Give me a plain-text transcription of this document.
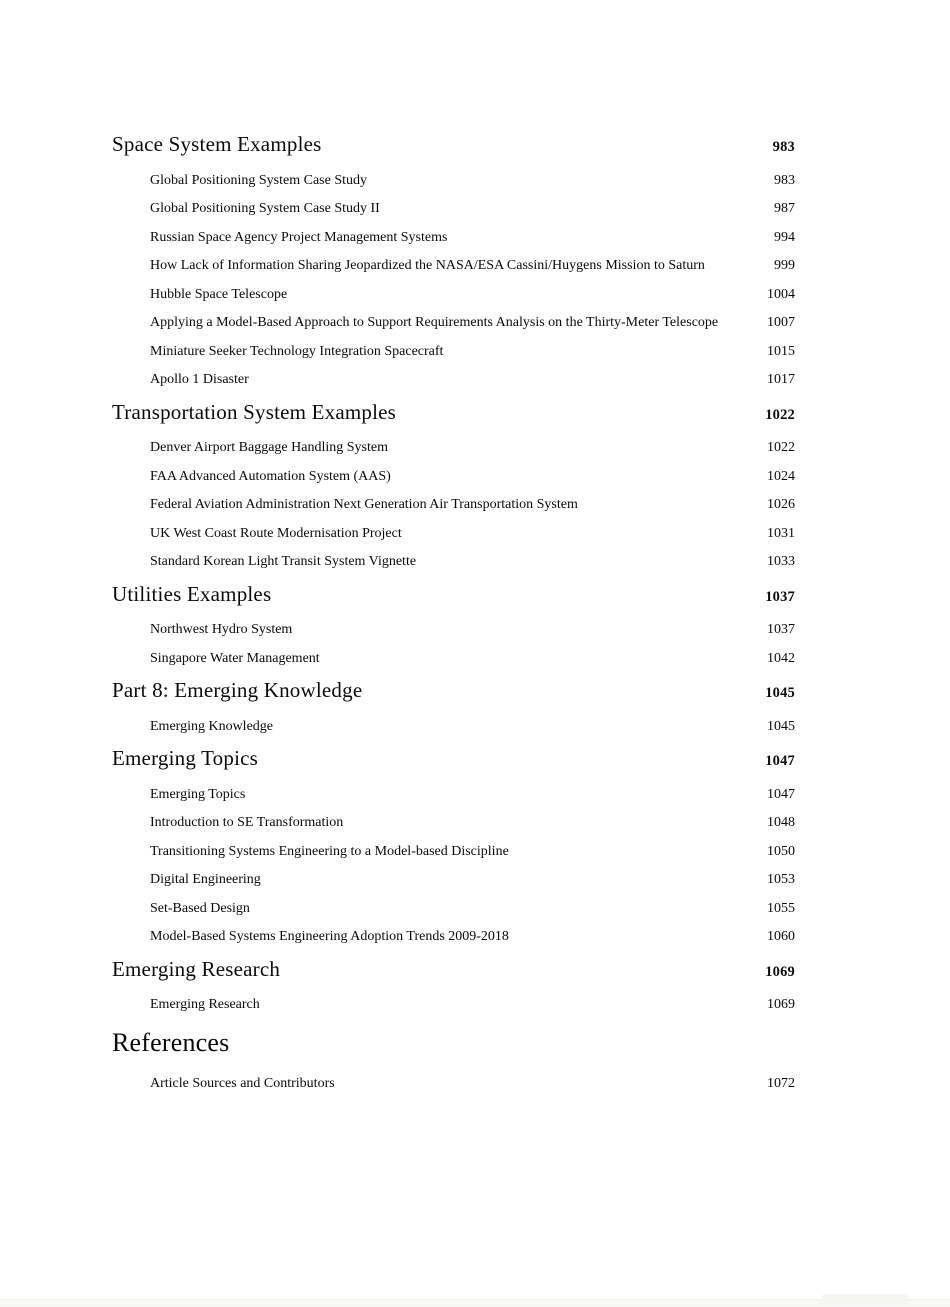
Space System Examples	983
Global Positioning System Case Study	983
Global Positioning System Case Study II	987
Russian Space Agency Project Management Systems	994
How Lack of Information Sharing Jeopardized the NASA/ESA Cassini/Huygens Mission to Saturn	999
Hubble Space Telescope	1004
Applying a Model-Based Approach to Support Requirements Analysis on the Thirty-Meter Telescope	1007
Miniature Seeker Technology Integration Spacecraft	1015
Apollo 1 Disaster	1017
Transportation System Examples	1022
Denver Airport Baggage Handling System	1022
FAA Advanced Automation System (AAS)	1024
Federal Aviation Administration Next Generation Air Transportation System	1026
UK West Coast Route Modernisation Project	1031
Standard Korean Light Transit System Vignette	1033
Utilities Examples	1037
Northwest Hydro System	1037
Singapore Water Management	1042
Part 8: Emerging Knowledge	1045
Emerging Knowledge	1045
Emerging Topics	1047
Emerging Topics	1047
Introduction to SE Transformation	1048
Transitioning Systems Engineering to a Model-based Discipline	1050
Digital Engineering	1053
Set-Based Design	1055
Model-Based Systems Engineering Adoption Trends 2009-2018	1060
Emerging Research	1069
Emerging Research	1069
References
Article Sources and Contributors	1072
